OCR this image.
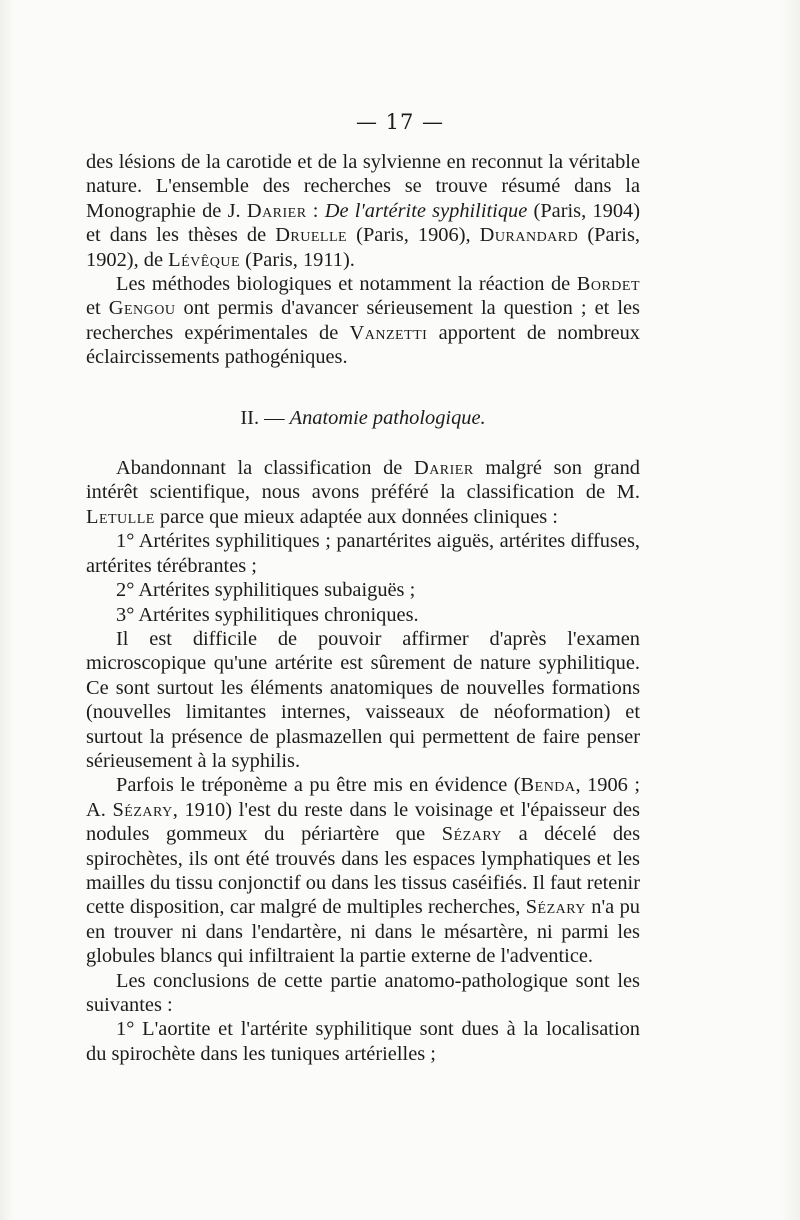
— 17 —

des lésions de la carotide et de la sylvienne en reconnut la véritable nature. L'ensemble des recherches se trouve résumé dans la Monographie de J. Darier : De l'artérite syphilitique (Paris, 1904) et dans les thèses de Druelle (Paris, 1906), Durandard (Paris, 1902), de Lévêque (Paris, 1911).

Les méthodes biologiques et notamment la réaction de Bordet et Gengou ont permis d'avancer sérieusement la question ; et les recherches expérimentales de Vanzetti apportent de nombreux éclaircissements pathogéniques.

II. — Anatomie pathologique.

Abandonnant la classification de Darier malgré son grand intérêt scientifique, nous avons préféré la classification de M. Letulle parce que mieux adaptée aux données cliniques :

1° Artérites syphilitiques ; panartérites aiguës, artérites diffuses, artérites térébrantes ;

2° Artérites syphilitiques subaiguës ;

3° Artérites syphilitiques chroniques.

Il est difficile de pouvoir affirmer d'après l'examen microscopique qu'une artérite est sûrement de nature syphilitique. Ce sont surtout les éléments anatomiques de nouvelles formations (nouvelles limitantes internes, vaisseaux de néoformation) et surtout la présence de plasmazellen qui permettent de faire penser sérieusement à la syphilis.

Parfois le tréponème a pu être mis en évidence (Benda, 1906 ; A. Sézary, 1910) l'est du reste dans le voisinage et l'épaisseur des nodules gommeux du périartère que Sézary a décelé des spirochètes, ils ont été trouvés dans les espaces lymphatiques et les mailles du tissu conjonctif ou dans les tissus caséifiés. Il faut retenir cette disposition, car malgré de multiples recherches, Sézary n'a pu en trouver ni dans l'endartère, ni dans le mésartère, ni parmi les globules blancs qui infiltraient la partie externe de l'adventice.

Les conclusions de cette partie anatomo-pathologique sont les suivantes :

1° L'aortite et l'artérite syphilitique sont dues à la localisation du spirochète dans les tuniques artérielles ;
